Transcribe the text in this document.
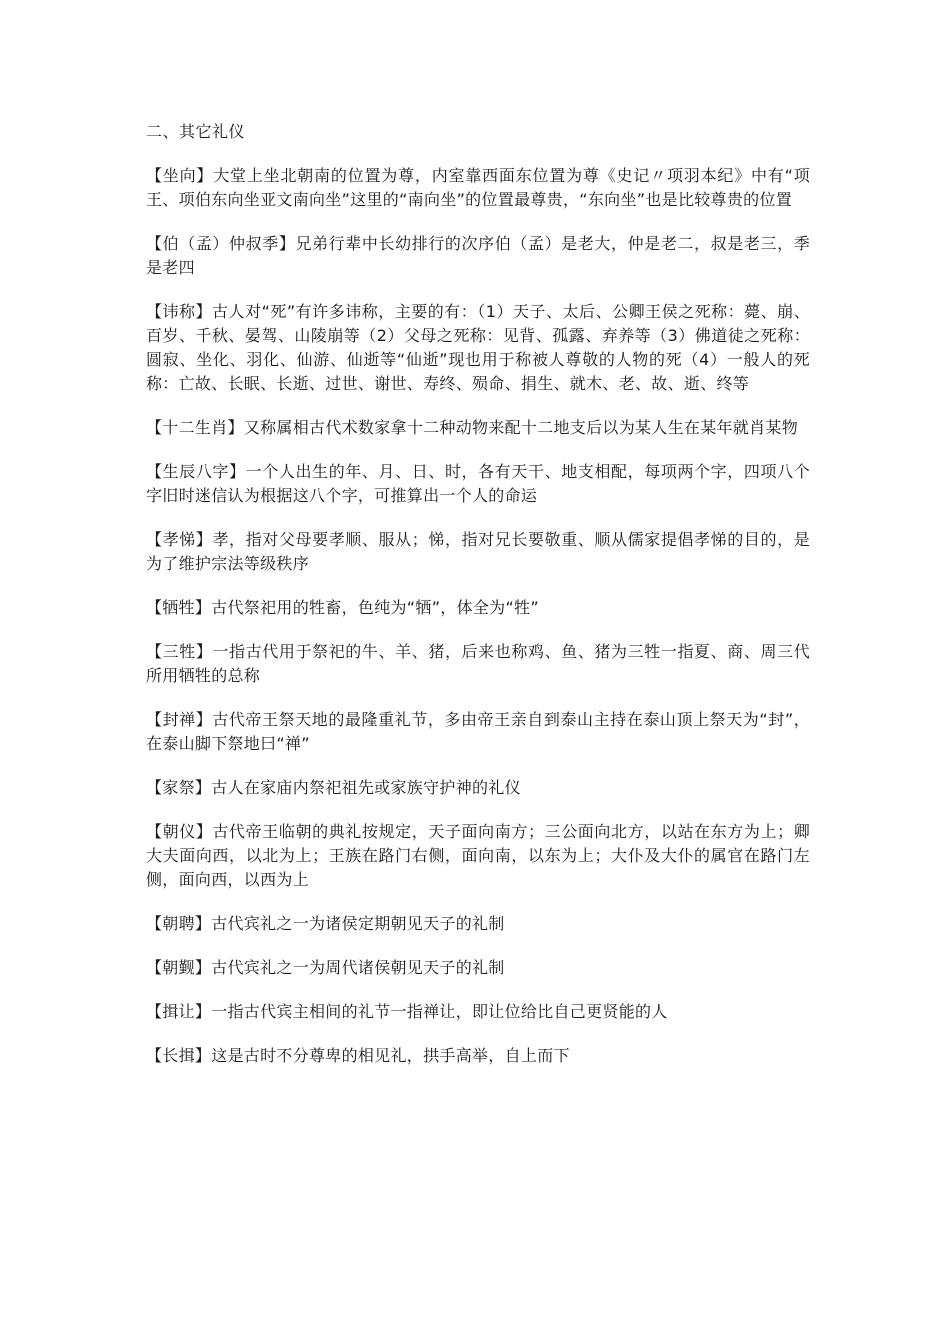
二、其它礼仪

【坐向】大堂上坐北朝南的位置为尊，内室靠西面东位置为尊《史记〃项羽本纪》中有“项王、项伯东向坐亚文南向坐”这里的“南向坐”的位置最尊贵，“东向坐”也是比较尊贵的位置

【伯（孟）仲叔季】兄弟行辈中长幼排行的次序伯（孟）是老大，仲是老二，叔是老三，季是老四

【讳称】古人对“死”有许多讳称，主要的有：（1）天子、太后、公卿王侯之死称：薨、崩、百岁、千秋、晏驾、山陵崩等（2）父母之死称：见背、孤露、弃养等（3）佛道徒之死称：圆寂、坐化、羽化、仙游、仙逝等“仙逝”现也用于称被人尊敬的人物的死（4）一般人的死称：亡故、长眠、长逝、过世、谢世、寿终、殒命、捐生、就木、老、故、逝、终等

【十二生肖】又称属相古代术数家拿十二种动物来配十二地支后以为某人生在某年就肖某物

【生辰八字】一个人出生的年、月、日、时，各有天干、地支相配，每项两个字，四项八个字旧时迷信认为根据这八个字，可推算出一个人的命运

【孝悌】孝，指对父母要孝顺、服从；悌，指对兄长要敬重、顺从儒家提倡孝悌的目的，是为了维护宗法等级秩序

【牺牲】古代祭祀用的牲畜，色纯为“牺”，体全为“牲”

【三牲】一指古代用于祭祀的牛、羊、猪，后来也称鸡、鱼、猪为三牲一指夏、商、周三代所用牺牲的总称

【封禅】古代帝王祭天地的最隆重礼节，多由帝王亲自到泰山主持在泰山顶上祭天为“封”，在泰山脚下祭地曰“禅”

【家祭】古人在家庙内祭祀祖先或家族守护神的礼仪

【朝仪】古代帝王临朝的典礼按规定，天子面向南方；三公面向北方，以站在东方为上；卿大夫面向西，以北为上；王族在路门右侧，面向南，以东为上；大仆及大仆的属官在路门左侧，面向西，以西为上

【朝聘】古代宾礼之一为诸侯定期朝见天子的礼制

【朝觐】古代宾礼之一为周代诸侯朝见天子的礼制

【揖让】一指古代宾主相间的礼节一指禅让，即让位给比自己更贤能的人

【长揖】这是古时不分尊卑的相见礼，拱手高举，自上而下
